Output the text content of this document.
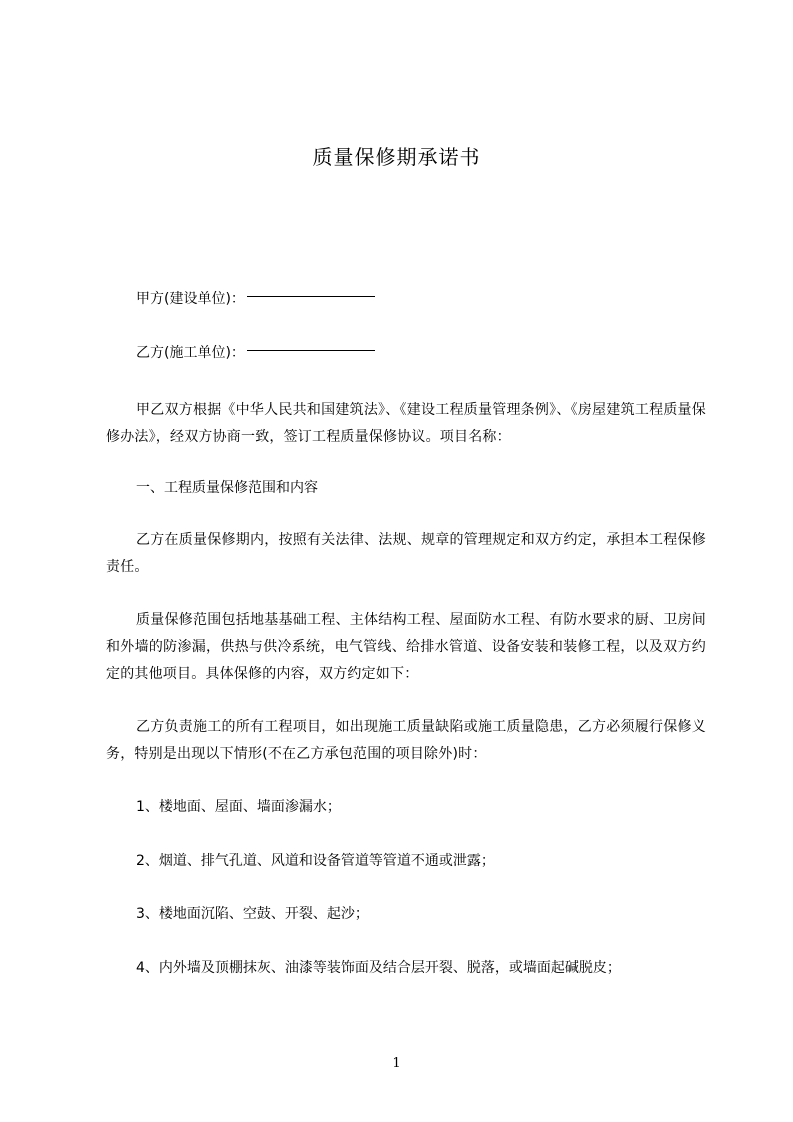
质量保修期承诺书
甲方(建设单位)：
乙方(施工单位)：
甲乙双方根据《中华人民共和国建筑法》、《建设工程质量管理条例》、《房屋建筑工程质量保修办法》，经双方协商一致，签订工程质量保修协议。项目名称：
一、工程质量保修范围和内容
乙方在质量保修期内，按照有关法律、法规、规章的管理规定和双方约定，承担本工程保修责任。
质量保修范围包括地基基础工程、主体结构工程、屋面防水工程、有防水要求的厨、卫房间和外墙的防渗漏，供热与供冷系统，电气管线、给排水管道、设备安装和装修工程，以及双方约定的其他项目。具体保修的内容，双方约定如下：
乙方负责施工的所有工程项目，如出现施工质量缺陷或施工质量隐患，乙方必须履行保修义务，特别是出现以下情形(不在乙方承包范围的项目除外)时：
1、楼地面、屋面、墙面渗漏水；
2、烟道、排气孔道、风道和设备管道等管道不通或泄露；
3、楼地面沉陷、空鼓、开裂、起沙；
4、内外墙及顶棚抹灰、油漆等装饰面及结合层开裂、脱落，或墙面起碱脱皮；
1
